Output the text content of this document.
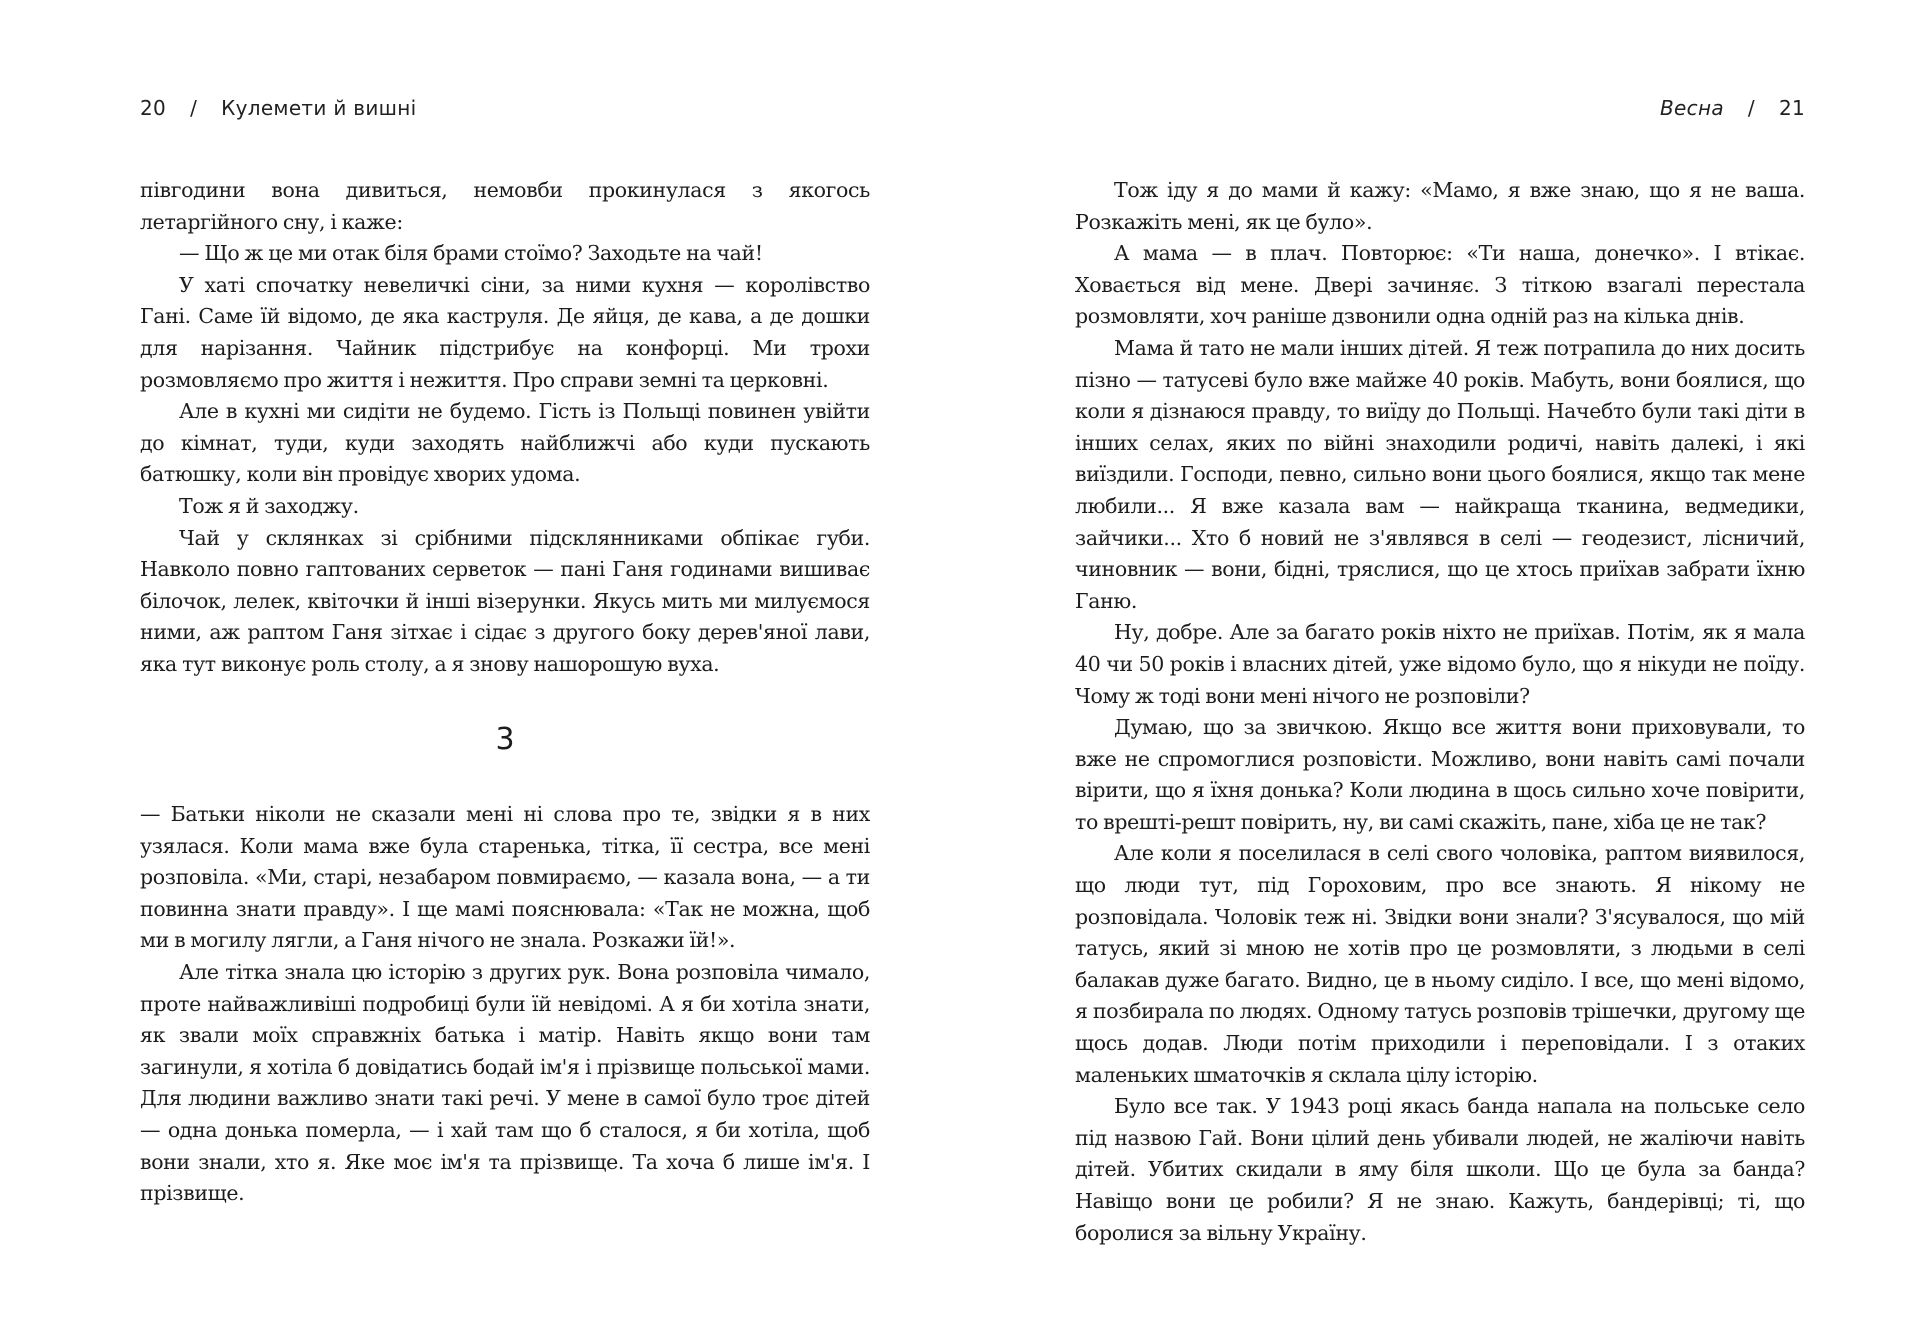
20 / Кулемети й вишні

півгодини вона дивиться, немовби прокинулася з якогось летаргійного сну, і каже:

— Що ж це ми отак біля брами стоїмо? Заходьте на чай!

У хаті спочатку невеличкі сіни, за ними кухня — королівство Гані. Саме їй відомо, де яка каструля. Де яйця, де кава, а де дошки для нарізання. Чайник підстрибує на конфорці. Ми трохи розмовляємо про життя і нежиття. Про справи земні та церковні.

Але в кухні ми сидіти не будемо. Гість із Польщі повинен увійти до кімнат, туди, куди заходять найближчі або куди пускають батюшку, коли він провідує хворих удома.

Тож я й заходжу.

Чай у склянках зі срібними підсклянниками обпікає губи. Навколо повно гаптованих серветок — пані Ганя годинами вишиває білочок, лелек, квіточки й інші візерунки. Якусь мить ми милуємося ними, аж раптом Ганя зітхає і сідає з другого боку дерев'яної лави, яка тут виконує роль столу, а я знову нашорошую вуха.

3

— Батьки ніколи не сказали мені ні слова про те, звідки я в них узялася. Коли мама вже була старенька, тітка, її сестра, все мені розповіла. «Ми, старі, незабаром повмираємо, — казала вона, — а ти повинна знати правду». І ще мамі пояснювала: «Так не можна, щоб ми в могилу лягли, а Ганя нічого не знала. Розкажи їй!».

Але тітка знала цю історію з других рук. Вона розповіла чимало, проте найважливіші подробиці були їй невідомі. А я би хотіла знати, як звали моїх справжніх батька і матір. Навіть якщо вони там загинули, я хотіла б довідатись бодай ім'я і прізвище польської мами. Для людини важливо знати такі речі. У мене в самої було троє дітей — одна донька померла, — і хай там що б сталося, я би хотіла, щоб вони знали, хто я. Яке моє ім'я та прізвище. Та хоча б лише ім'я. І прізвище.

Весна / 21

Тож іду я до мами й кажу: «Мамо, я вже знаю, що я не ваша. Розкажіть мені, як це було».

А мама — в плач. Повторює: «Ти наша, донечко». І втікає. Ховається від мене. Двері зачиняє. З тіткою взагалі перестала розмовляти, хоч раніше дзвонили одна одній раз на кілька днів.

Мама й тато не мали інших дітей. Я теж потрапила до них досить пізно — татусеві було вже майже 40 років. Мабуть, вони боялися, що коли я дізнаюся правду, то виїду до Польщі. Начебто були такі діти в інших селах, яких по війні знаходили родичі, навіть далекі, і які виїздили. Господи, певно, сильно вони цього боялися, якщо так мене любили... Я вже казала вам — найкраща тканина, ведмедики, зайчики... Хто б новий не з'являвся в селі — геодезист, лісничий, чиновник — вони, бідні, тряслися, що це хтось приїхав забрати їхню Ганю.

Ну, добре. Але за багато років ніхто не приїхав. Потім, як я мала 40 чи 50 років і власних дітей, уже відомо було, що я нікуди не поїду. Чому ж тоді вони мені нічого не розповіли?

Думаю, що за звичкою. Якщо все життя вони приховували, то вже не спромоглися розповісти. Можливо, вони навіть самі почали вірити, що я їхня донька? Коли людина в щось сильно хоче повірити, то врешті-решт повірить, ну, ви самі скажіть, пане, хіба це не так?

Але коли я поселилася в селі свого чоловіка, раптом виявилося, що люди тут, під Гороховим, про все знають. Я нікому не розповідала. Чоловік теж ні. Звідки вони знали? З'ясувалося, що мій татусь, який зі мною не хотів про це розмовляти, з людьми в селі балакав дуже багато. Видно, це в ньому сиділо. І все, що мені відомо, я позбирала по людях. Одному татусь розповів трішечки, другому ще щось додав. Люди потім приходили і переповідали. І з отаких маленьких шматочків я склала цілу історію.

Було все так. У 1943 році якась банда напала на польське село під назвою Гай. Вони цілий день убивали людей, не жаліючи навіть дітей. Убитих скидали в яму біля школи. Що це була за банда? Навіщо вони це робили? Я не знаю. Кажуть, бандерівці; ті, що боролися за вільну Україну.
